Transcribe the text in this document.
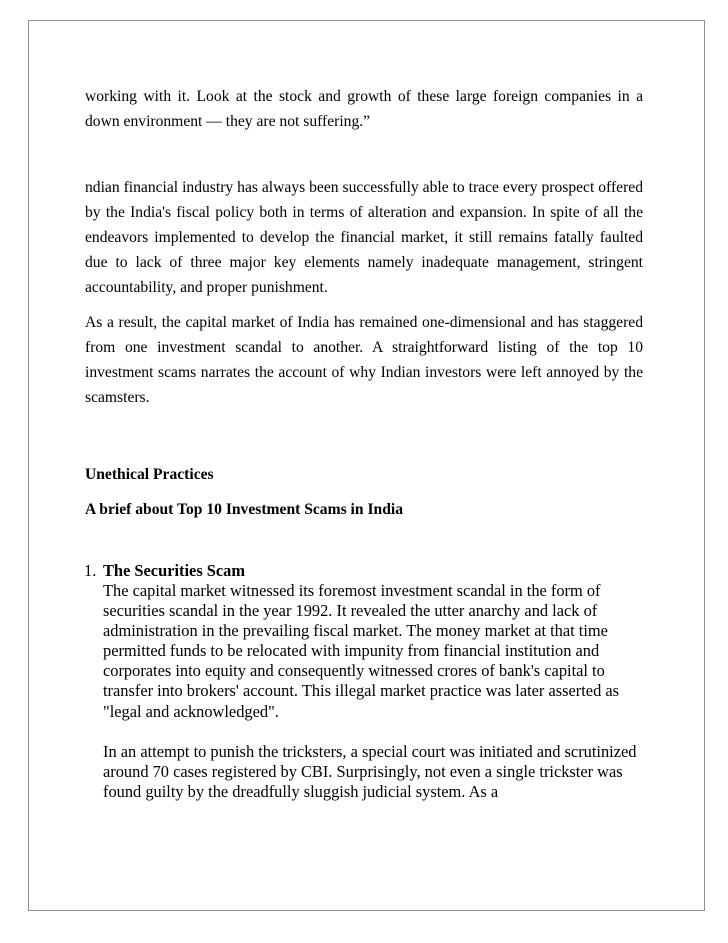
working with it. Look at the stock and growth of these large foreign companies in a down environment — they are not suffering.”

ndian financial industry has always been successfully able to trace every prospect offered by the India's fiscal policy both in terms of alteration and expansion. In spite of all the endeavors implemented to develop the financial market, it still remains fatally faulted due to lack of three major key elements namely inadequate management, stringent accountability, and proper punishment.

As a result, the capital market of India has remained one-dimensional and has staggered from one investment scandal to another. A straightforward listing of the top 10 investment scams narrates the account of why Indian investors were left annoyed by the scamsters.

Unethical Practices

A brief about Top 10 Investment Scams in India

1. The Securities Scam

The capital market witnessed its foremost investment scandal in the form of securities scandal in the year 1992. It revealed the utter anarchy and lack of administration in the prevailing fiscal market. The money market at that time permitted funds to be relocated with impunity from financial institution and corporates into equity and consequently witnessed crores of bank's capital to transfer into brokers' account. This illegal market practice was later asserted as "legal and acknowledged".

In an attempt to punish the tricksters, a special court was initiated and scrutinized around 70 cases registered by CBI. Surprisingly, not even a single trickster was found guilty by the dreadfully sluggish judicial system. As a
